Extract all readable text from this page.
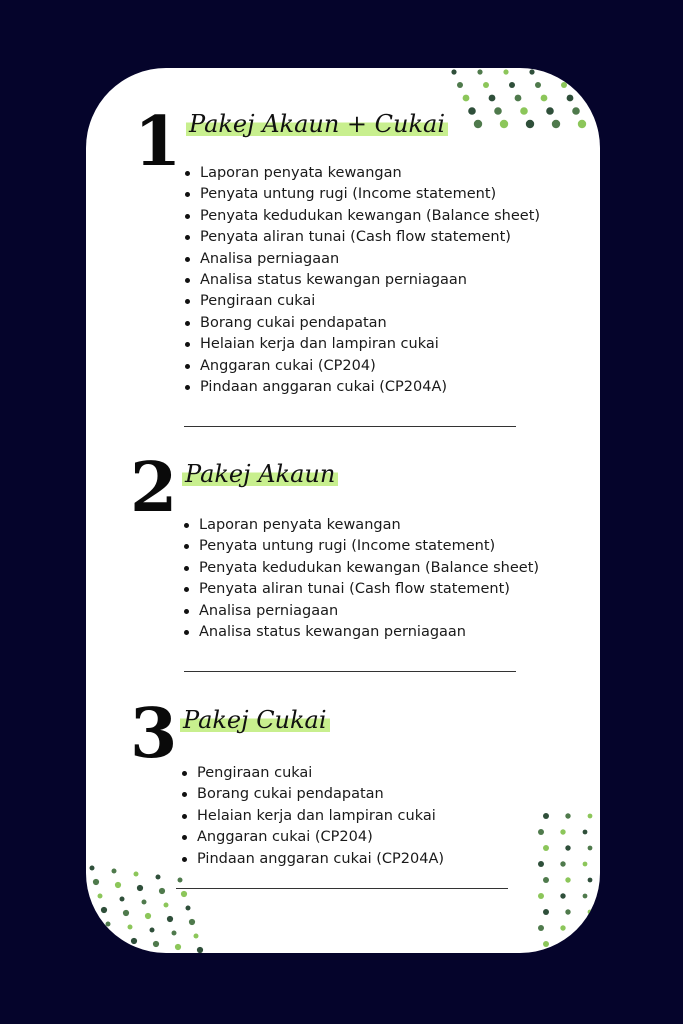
1 Pakej Akaun + Cukai
Laporan penyata kewangan
Penyata untung rugi (Income statement)
Penyata kedudukan kewangan (Balance sheet)
Penyata aliran tunai (Cash flow statement)
Analisa perniagaan
Analisa status kewangan perniagaan
Pengiraan cukai
Borang cukai pendapatan
Helaian kerja dan lampiran cukai
Anggaran cukai (CP204)
Pindaan anggaran cukai (CP204A)
2 Pakej Akaun
Laporan penyata kewangan
Penyata untung rugi (Income statement)
Penyata kedudukan kewangan (Balance sheet)
Penyata aliran tunai (Cash flow statement)
Analisa perniagaan
Analisa status kewangan perniagaan
3 Pakej Cukai
Pengiraan cukai
Borang cukai pendapatan
Helaian kerja dan lampiran cukai
Anggaran cukai (CP204)
Pindaan anggaran cukai (CP204A)
